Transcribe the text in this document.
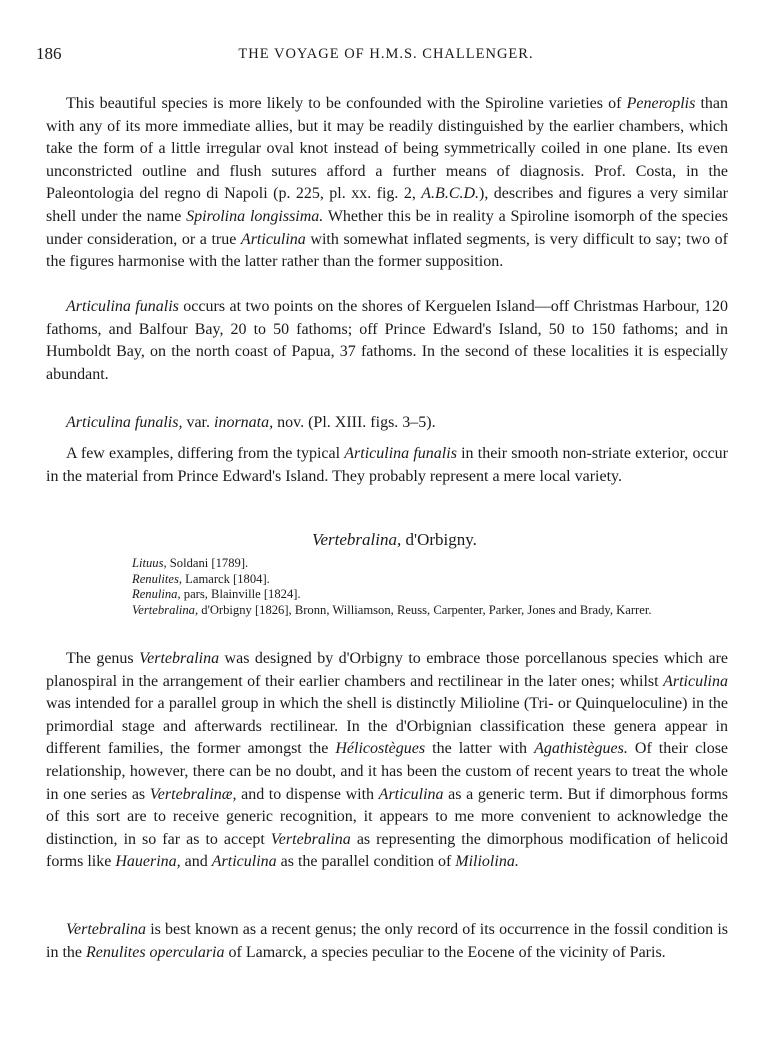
186	THE VOYAGE OF H.M.S. CHALLENGER.

This beautiful species is more likely to be confounded with the Spiroline varieties of Peneroplis than with any of its more immediate allies, but it may be readily distinguished by the earlier chambers, which take the form of a little irregular oval knot instead of being symmetrically coiled in one plane. Its even unconstricted outline and flush sutures afford a further means of diagnosis. Prof. Costa, in the Paleontologia del regno di Napoli (p. 225, pl. xx. fig. 2, A.B.C.D.), describes and figures a very similar shell under the name Spirolina longissima. Whether this be in reality a Spiroline isomorph of the species under consideration, or a true Articulina with somewhat inflated segments, is very difficult to say; two of the figures harmonise with the latter rather than the former supposition.

Articulina funalis occurs at two points on the shores of Kerguelen Island—off Christmas Harbour, 120 fathoms, and Balfour Bay, 20 to 50 fathoms; off Prince Edward's Island, 50 to 150 fathoms; and in Humboldt Bay, on the north coast of Papua, 37 fathoms. In the second of these localities it is especially abundant.

Articulina funalis, var. inornata, nov. (Pl. XIII. figs. 3–5).

A few examples, differing from the typical Articulina funalis in their smooth non-striate exterior, occur in the material from Prince Edward's Island. They probably represent a mere local variety.

Vertebralina, d'Orbigny.

Lituus, Soldani [1789].

Renulites, Lamarck [1804].

Renulina, pars, Blainville [1824].

Vertebralina, d'Orbigny [1826], Bronn, Williamson, Reuss, Carpenter, Parker, Jones and Brady, Karrer.

The genus Vertebralina was designed by d'Orbigny to embrace those porcellanous species which are planospiral in the arrangement of their earlier chambers and rectilinear in the later ones; whilst Articulina was intended for a parallel group in which the shell is distinctly Milioline (Tri- or Quinqueloculine) in the primordial stage and afterwards rectilinear. In the d'Orbignian classification these genera appear in different families, the former amongst the Hélicostègues the latter with Agathistègues. Of their close relationship, however, there can be no doubt, and it has been the custom of recent years to treat the whole in one series as Vertebralinæ, and to dispense with Articulina as a generic term. But if dimorphous forms of this sort are to receive generic recognition, it appears to me more convenient to acknowledge the distinction, in so far as to accept Vertebralina as representing the dimorphous modification of helicoid forms like Hauerina, and Articulina as the parallel condition of Miliolina.

Vertebralina is best known as a recent genus; the only record of its occurrence in the fossil condition is in the Renulites opercularia of Lamarck, a species peculiar to the Eocene of the vicinity of Paris.
